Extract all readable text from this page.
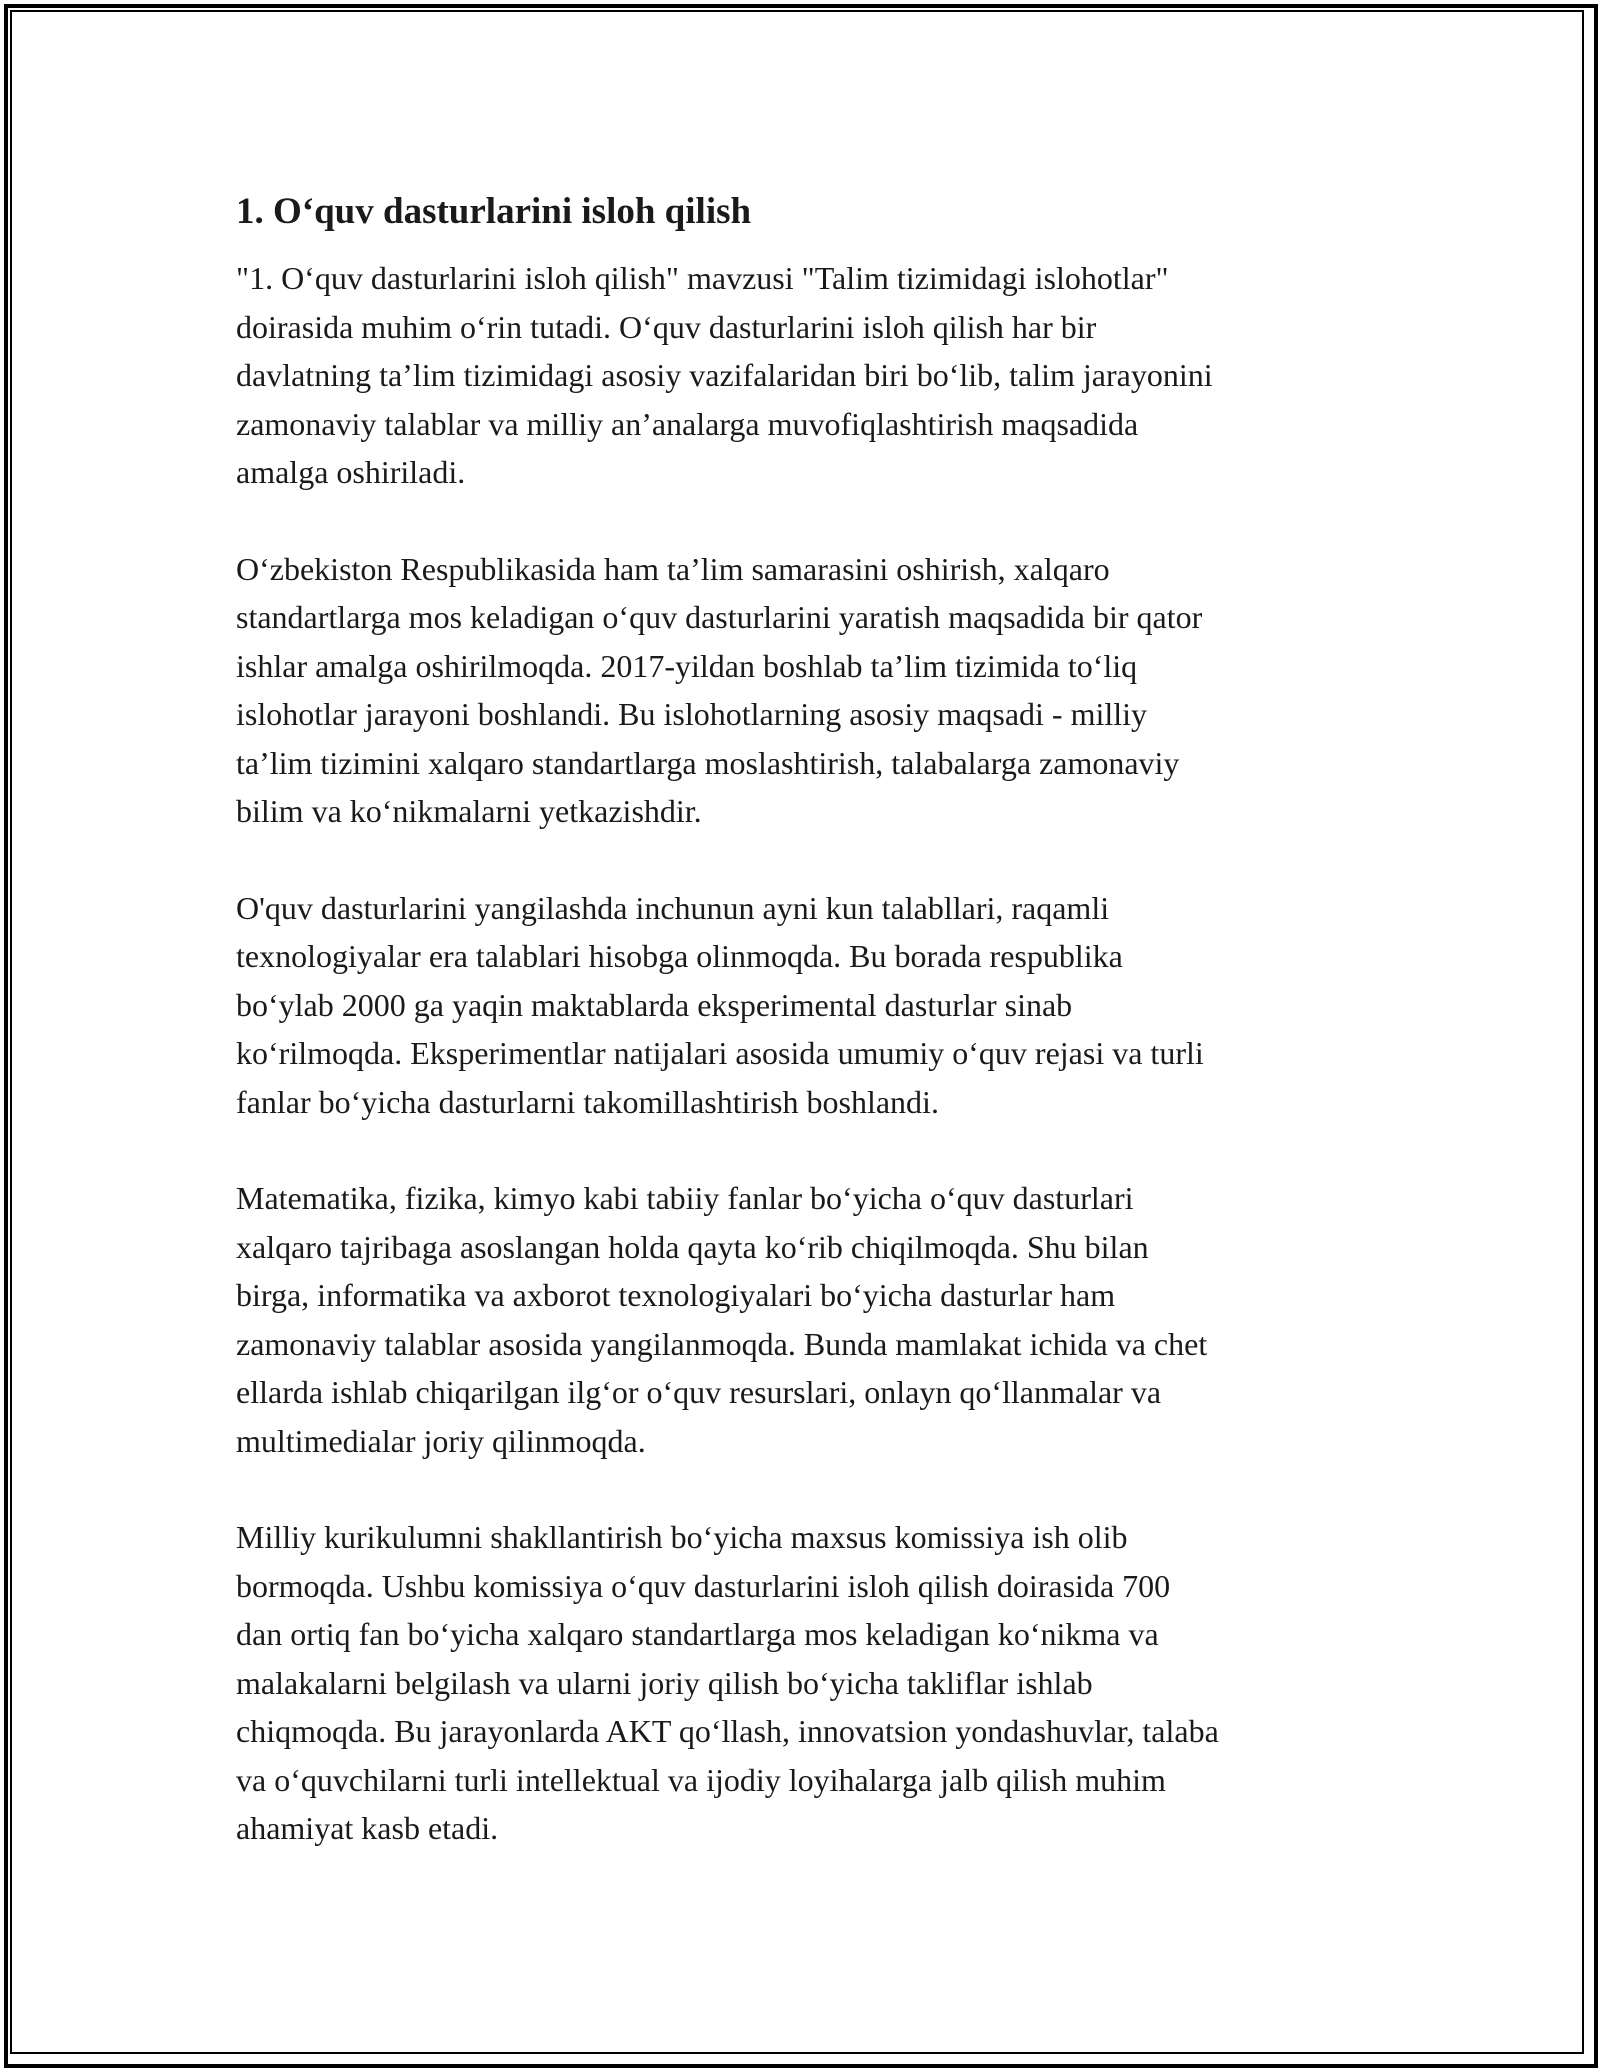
1. O‘quv dasturlarini isloh qilish

"1. O‘quv dasturlarini isloh qilish" mavzusi "Talim tizimidagi islohotlar"
doirasida muhim o‘rin tutadi. O‘quv dasturlarini isloh qilish har bir
davlatning ta’lim tizimidagi asosiy vazifalaridan biri bo‘lib, talim jarayonini
zamonaviy talablar va milliy an’analarga muvofiqlashtirish maqsadida
amalga oshiriladi.

O‘zbekiston Respublikasida ham ta’lim samarasini oshirish, xalqaro
standartlarga mos keladigan o‘quv dasturlarini yaratish maqsadida bir qator
ishlar amalga oshirilmoqda. 2017-yildan boshlab ta’lim tizimida to‘liq
islohotlar jarayoni boshlandi. Bu islohotlarning asosiy maqsadi - milliy
ta’lim tizimini xalqaro standartlarga moslashtirish, talabalarga zamonaviy
bilim va ko‘nikmalarni yetkazishdir.

O'quv dasturlarini yangilashda inchunun ayni kun talabllari, raqamli
texnologiyalar era talablari hisobga olinmoqda. Bu borada respublika
bo‘ylab 2000 ga yaqin maktablarda eksperimental dasturlar sinab
ko‘rilmoqda. Eksperimentlar natijalari asosida umumiy o‘quv rejasi va turli
fanlar bo‘yicha dasturlarni takomillashtirish boshlandi.

Matematika, fizika, kimyo kabi tabiiy fanlar bo‘yicha o‘quv dasturlari
xalqaro tajribaga asoslangan holda qayta ko‘rib chiqilmoqda. Shu bilan
birga, informatika va axborot texnologiyalari bo‘yicha dasturlar ham
zamonaviy talablar asosida yangilanmoqda. Bunda mamlakat ichida va chet
ellarda ishlab chiqarilgan ilg‘or o‘quv resurslari, onlayn qo‘llanmalar va
multimedialar joriy qilinmoqda.

Milliy kurikulumni shakllantirish bo‘yicha maxsus komissiya ish olib
bormoqda. Ushbu komissiya o‘quv dasturlarini isloh qilish doirasida 700
dan ortiq fan bo‘yicha xalqaro standartlarga mos keladigan ko‘nikma va
malakalarni belgilash va ularni joriy qilish bo‘yicha takliflar ishlab
chiqmoqda. Bu jarayonlarda AKT qo‘llash, innovatsion yondashuvlar, talaba
va o‘quvchilarni turli intellektual va ijodiy loyihalarga jalb qilish muhim
ahamiyat kasb etadi.
